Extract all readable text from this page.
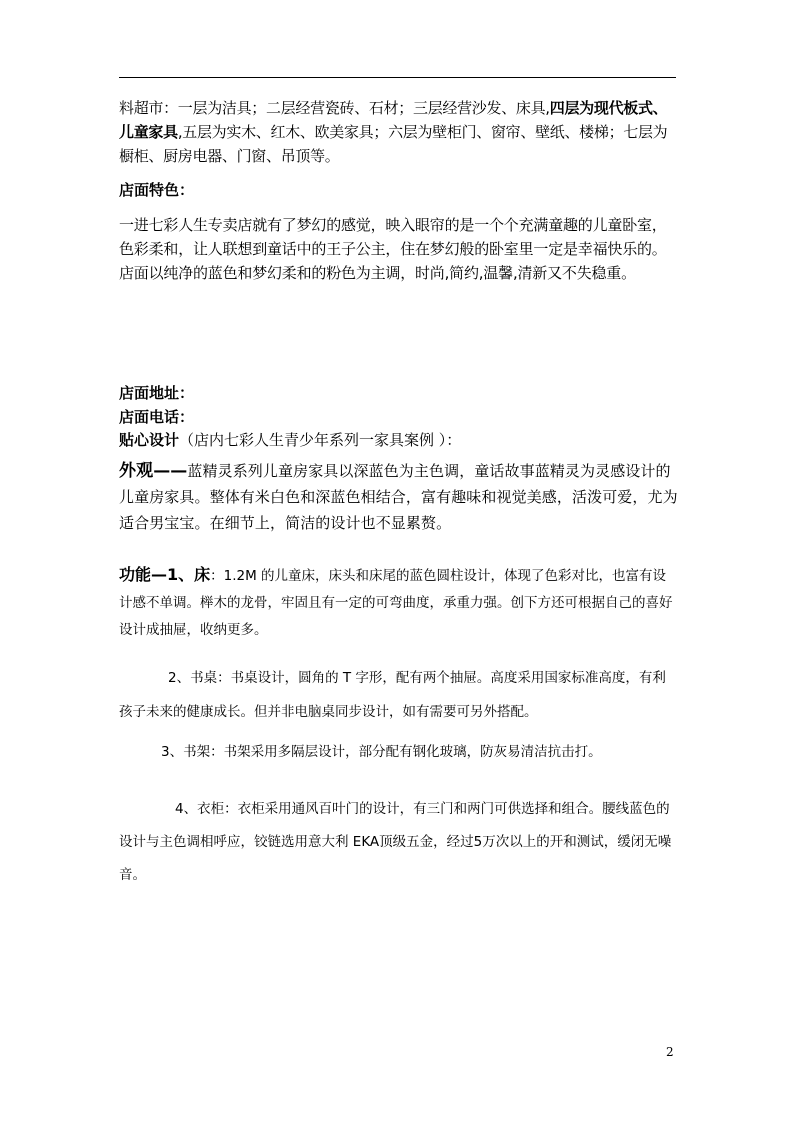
料超市：一层为洁具；二层经营瓷砖、石材；三层经营沙发、床具,四层为现代板式、儿童家具,五层为实木、红木、欧美家具；六层为壁柜门、窗帘、壁纸、楼梯；七层为橱柜、厨房电器、门窗、吊顶等。

店面特色：

一进七彩人生专卖店就有了梦幻的感觉，映入眼帘的是一个个充满童趣的儿童卧室，色彩柔和，让人联想到童话中的王子公主，住在梦幻般的卧室里一定是幸福快乐的。店面以纯净的蓝色和梦幻柔和的粉色为主调，时尚,简约,温馨,清新又不失稳重。

店面地址：

店面电话：

贴心设计（店内七彩人生青少年系列一家具案例 ）：

外观——蓝精灵系列儿童房家具以深蓝色为主色调，童话故事蓝精灵为灵感设计的儿童房家具。整体有米白色和深蓝色相结合，富有趣味和视觉美感，活泼可爱，尤为适合男宝宝。在细节上，简洁的设计也不显累赘。

功能—1、床：1.2M 的儿童床，床头和床尾的蓝色圆柱设计，体现了色彩对比，也富有设计感不单调。榉木的龙骨，牢固且有一定的可弯曲度，承重力强。创下方还可根据自己的喜好设计成抽屉，收纳更多。

2、书桌：书桌设计，圆角的 T 字形，配有两个抽屉。高度采用国家标准高度，有利孩子未来的健康成长。但并非电脑桌同步设计，如有需要可另外搭配。

3、书架：书架采用多隔层设计，部分配有钢化玻璃，防灰易清洁抗击打。

4、衣柜：衣柜采用通风百叶门的设计，有三门和两门可供选择和组合。腰线蓝色的设计与主色调相呼应，铰链选用意大利 EKA顶级五金，经过5万次以上的开和测试，缓闭无噪音。

2
